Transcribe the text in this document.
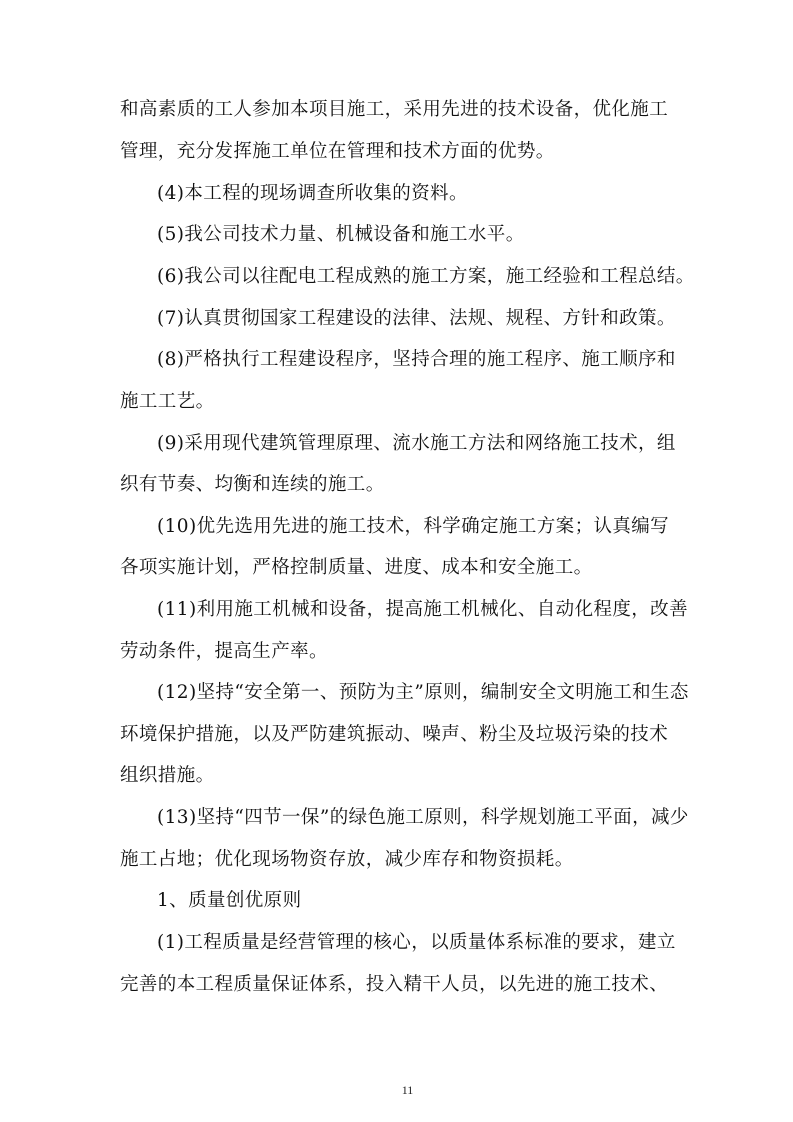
和高素质的工人参加本项目施工，采用先进的技术设备，优化施工
管理，充分发挥施工单位在管理和技术方面的优势。
(4)本工程的现场调查所收集的资料。
(5)我公司技术力量、机械设备和施工水平。
(6)我公司以往配电工程成熟的施工方案，施工经验和工程总结。
(7)认真贯彻国家工程建设的法律、法规、规程、方针和政策。
(8)严格执行工程建设程序，坚持合理的施工程序、施工顺序和
施工工艺。
(9)采用现代建筑管理原理、流水施工方法和网络施工技术，组
织有节奏、均衡和连续的施工。
(10)优先选用先进的施工技术，科学确定施工方案；认真编写
各项实施计划，严格控制质量、进度、成本和安全施工。
(11)利用施工机械和设备，提高施工机械化、自动化程度，改善
劳动条件，提高生产率。
(12)坚持“安全第一、预防为主”原则，编制安全文明施工和生态
环境保护措施，以及严防建筑振动、噪声、粉尘及垃圾污染的技术
组织措施。
(13)坚持“四节一保”的绿色施工原则，科学规划施工平面，减少
施工占地；优化现场物资存放，减少库存和物资损耗。
1、质量创优原则
(1)工程质量是经营管理的核心，以质量体系标准的要求，建立
完善的本工程质量保证体系，投入精干人员，以先进的施工技术、
11
